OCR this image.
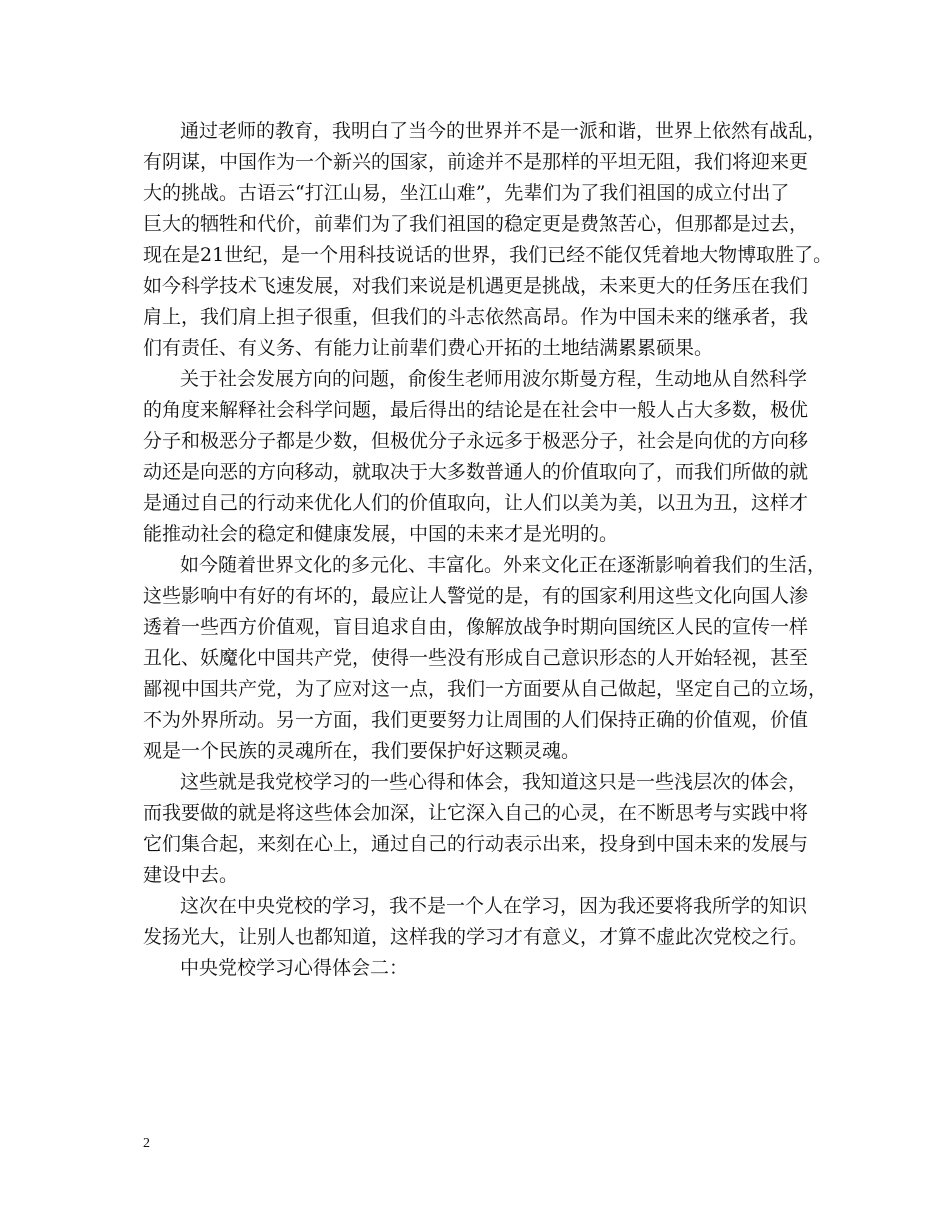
通过老师的教育，我明白了当今的世界并不是一派和谐，世界上依然有战乱，

有阴谋，中国作为一个新兴的国家，前途并不是那样的平坦无阻，我们将迎来更

大的挑战。古语云“打江山易，坐江山难”，先辈们为了我们祖国的成立付出了

巨大的牺牲和代价，前辈们为了我们祖国的稳定更是费煞苦心，但那都是过去，

现在是21世纪，是一个用科技说话的世界，我们已经不能仅凭着地大物博取胜了。

如今科学技术飞速发展，对我们来说是机遇更是挑战，未来更大的任务压在我们

肩上，我们肩上担子很重，但我们的斗志依然高昂。作为中国未来的继承者，我

们有责任、有义务、有能力让前辈们费心开拓的土地结满累累硕果。

关于社会发展方向的问题，俞俊生老师用波尔斯曼方程，生动地从自然科学

的角度来解释社会科学问题，最后得出的结论是在社会中一般人占大多数，极优

分子和极恶分子都是少数，但极优分子永远多于极恶分子，社会是向优的方向移

动还是向恶的方向移动，就取决于大多数普通人的价值取向了，而我们所做的就

是通过自己的行动来优化人们的价值取向，让人们以美为美，以丑为丑，这样才

能推动社会的稳定和健康发展，中国的未来才是光明的。

如今随着世界文化的多元化、丰富化。外来文化正在逐渐影响着我们的生活，

这些影响中有好的有坏的，最应让人警觉的是，有的国家利用这些文化向国人渗

透着一些西方价值观，盲目追求自由，像解放战争时期向国统区人民的宣传一样

丑化、妖魔化中国共产党，使得一些没有形成自己意识形态的人开始轻视，甚至

鄙视中国共产党，为了应对这一点，我们一方面要从自己做起，坚定自己的立场，

不为外界所动。另一方面，我们更要努力让周围的人们保持正确的价值观，价值

观是一个民族的灵魂所在，我们要保护好这颗灵魂。

这些就是我党校学习的一些心得和体会，我知道这只是一些浅层次的体会，

而我要做的就是将这些体会加深，让它深入自己的心灵，在不断思考与实践中将

它们集合起，来刻在心上，通过自己的行动表示出来，投身到中国未来的发展与

建设中去。

这次在中央党校的学习，我不是一个人在学习，因为我还要将我所学的知识

发扬光大，让别人也都知道，这样我的学习才有意义，才算不虚此次党校之行。

中央党校学习心得体会二：

2
